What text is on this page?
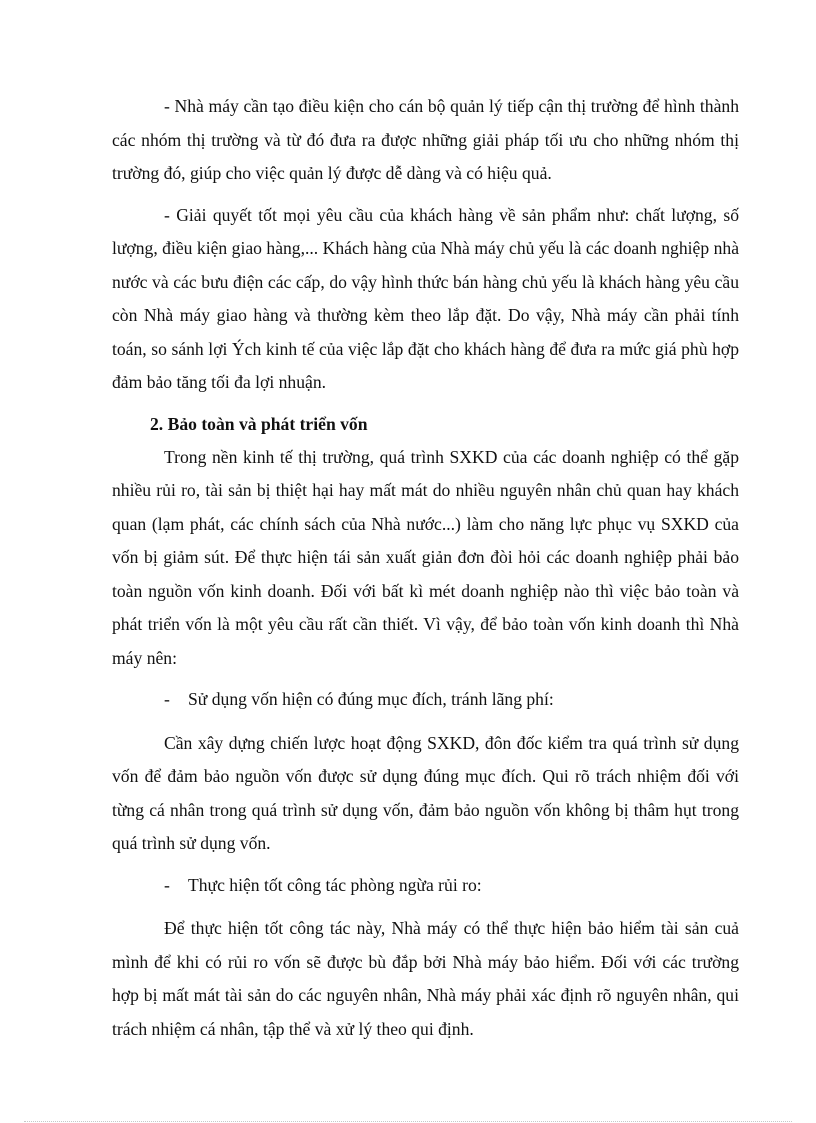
- Nhà máy cần tạo điều kiện cho cán bộ quản lý tiếp cận thị trường để hình thành các nhóm thị trường và từ đó đưa ra được những giải pháp tối ưu cho những nhóm thị trường đó, giúp cho việc quản lý được dễ dàng và có hiệu quả.

- Giải quyết tốt mọi yêu cầu của khách hàng về sản phẩm như: chất lượng, số lượng, điều kiện giao hàng,... Khách hàng của Nhà máy chủ yếu là các doanh nghiệp nhà nước và các bưu điện các cấp, do vậy hình thức bán hàng chủ yếu là khách hàng yêu cầu còn Nhà máy giao hàng và thường kèm theo lắp đặt. Do vậy, Nhà máy cần phải tính toán, so sánh lợi Ých kinh tế của việc lắp đặt cho khách hàng để đưa ra mức giá phù hợp đảm bảo tăng tối đa lợi nhuận.

2. Bảo toàn và phát triển vốn

Trong nền kinh tế thị trường, quá trình SXKD của các doanh nghiệp có thể gặp nhiều rủi ro, tài sản bị thiệt hại hay mất mát do nhiều nguyên nhân chủ quan hay khách quan (lạm phát, các chính sách của Nhà nước...) làm cho năng lực phục vụ SXKD của vốn bị giảm sút. Để thực hiện tái sản xuất giản đơn đòi hỏi các doanh nghiệp phải bảo toàn nguồn vốn kinh doanh. Đối với bất kì mét doanh nghiệp nào thì việc bảo toàn và phát triển vốn là một yêu cầu rất cần thiết. Vì vậy, để bảo toàn vốn kinh doanh thì Nhà máy nên:

-	Sử dụng vốn hiện có đúng mục đích, tránh lãng phí:

Cần xây dựng chiến lược hoạt động SXKD, đôn đốc kiểm tra quá trình sử dụng vốn để đảm bảo nguồn vốn được sử dụng đúng mục đích. Qui rõ trách nhiệm đối với từng cá nhân trong quá trình sử dụng vốn, đảm bảo nguồn vốn không bị thâm hụt trong quá trình sử dụng vốn.

-	Thực hiện tốt công tác phòng ngừa rủi ro:

Để thực hiện tốt công tác này, Nhà máy có thể thực hiện bảo hiểm tài sản cuả mình để khi có rủi ro vốn sẽ được bù đắp bởi Nhà máy bảo hiểm. Đối với các trường hợp bị mất mát tài sản do các nguyên nhân, Nhà máy phải xác định rõ nguyên nhân, qui trách nhiệm cá nhân, tập thể và xử lý theo qui định.
